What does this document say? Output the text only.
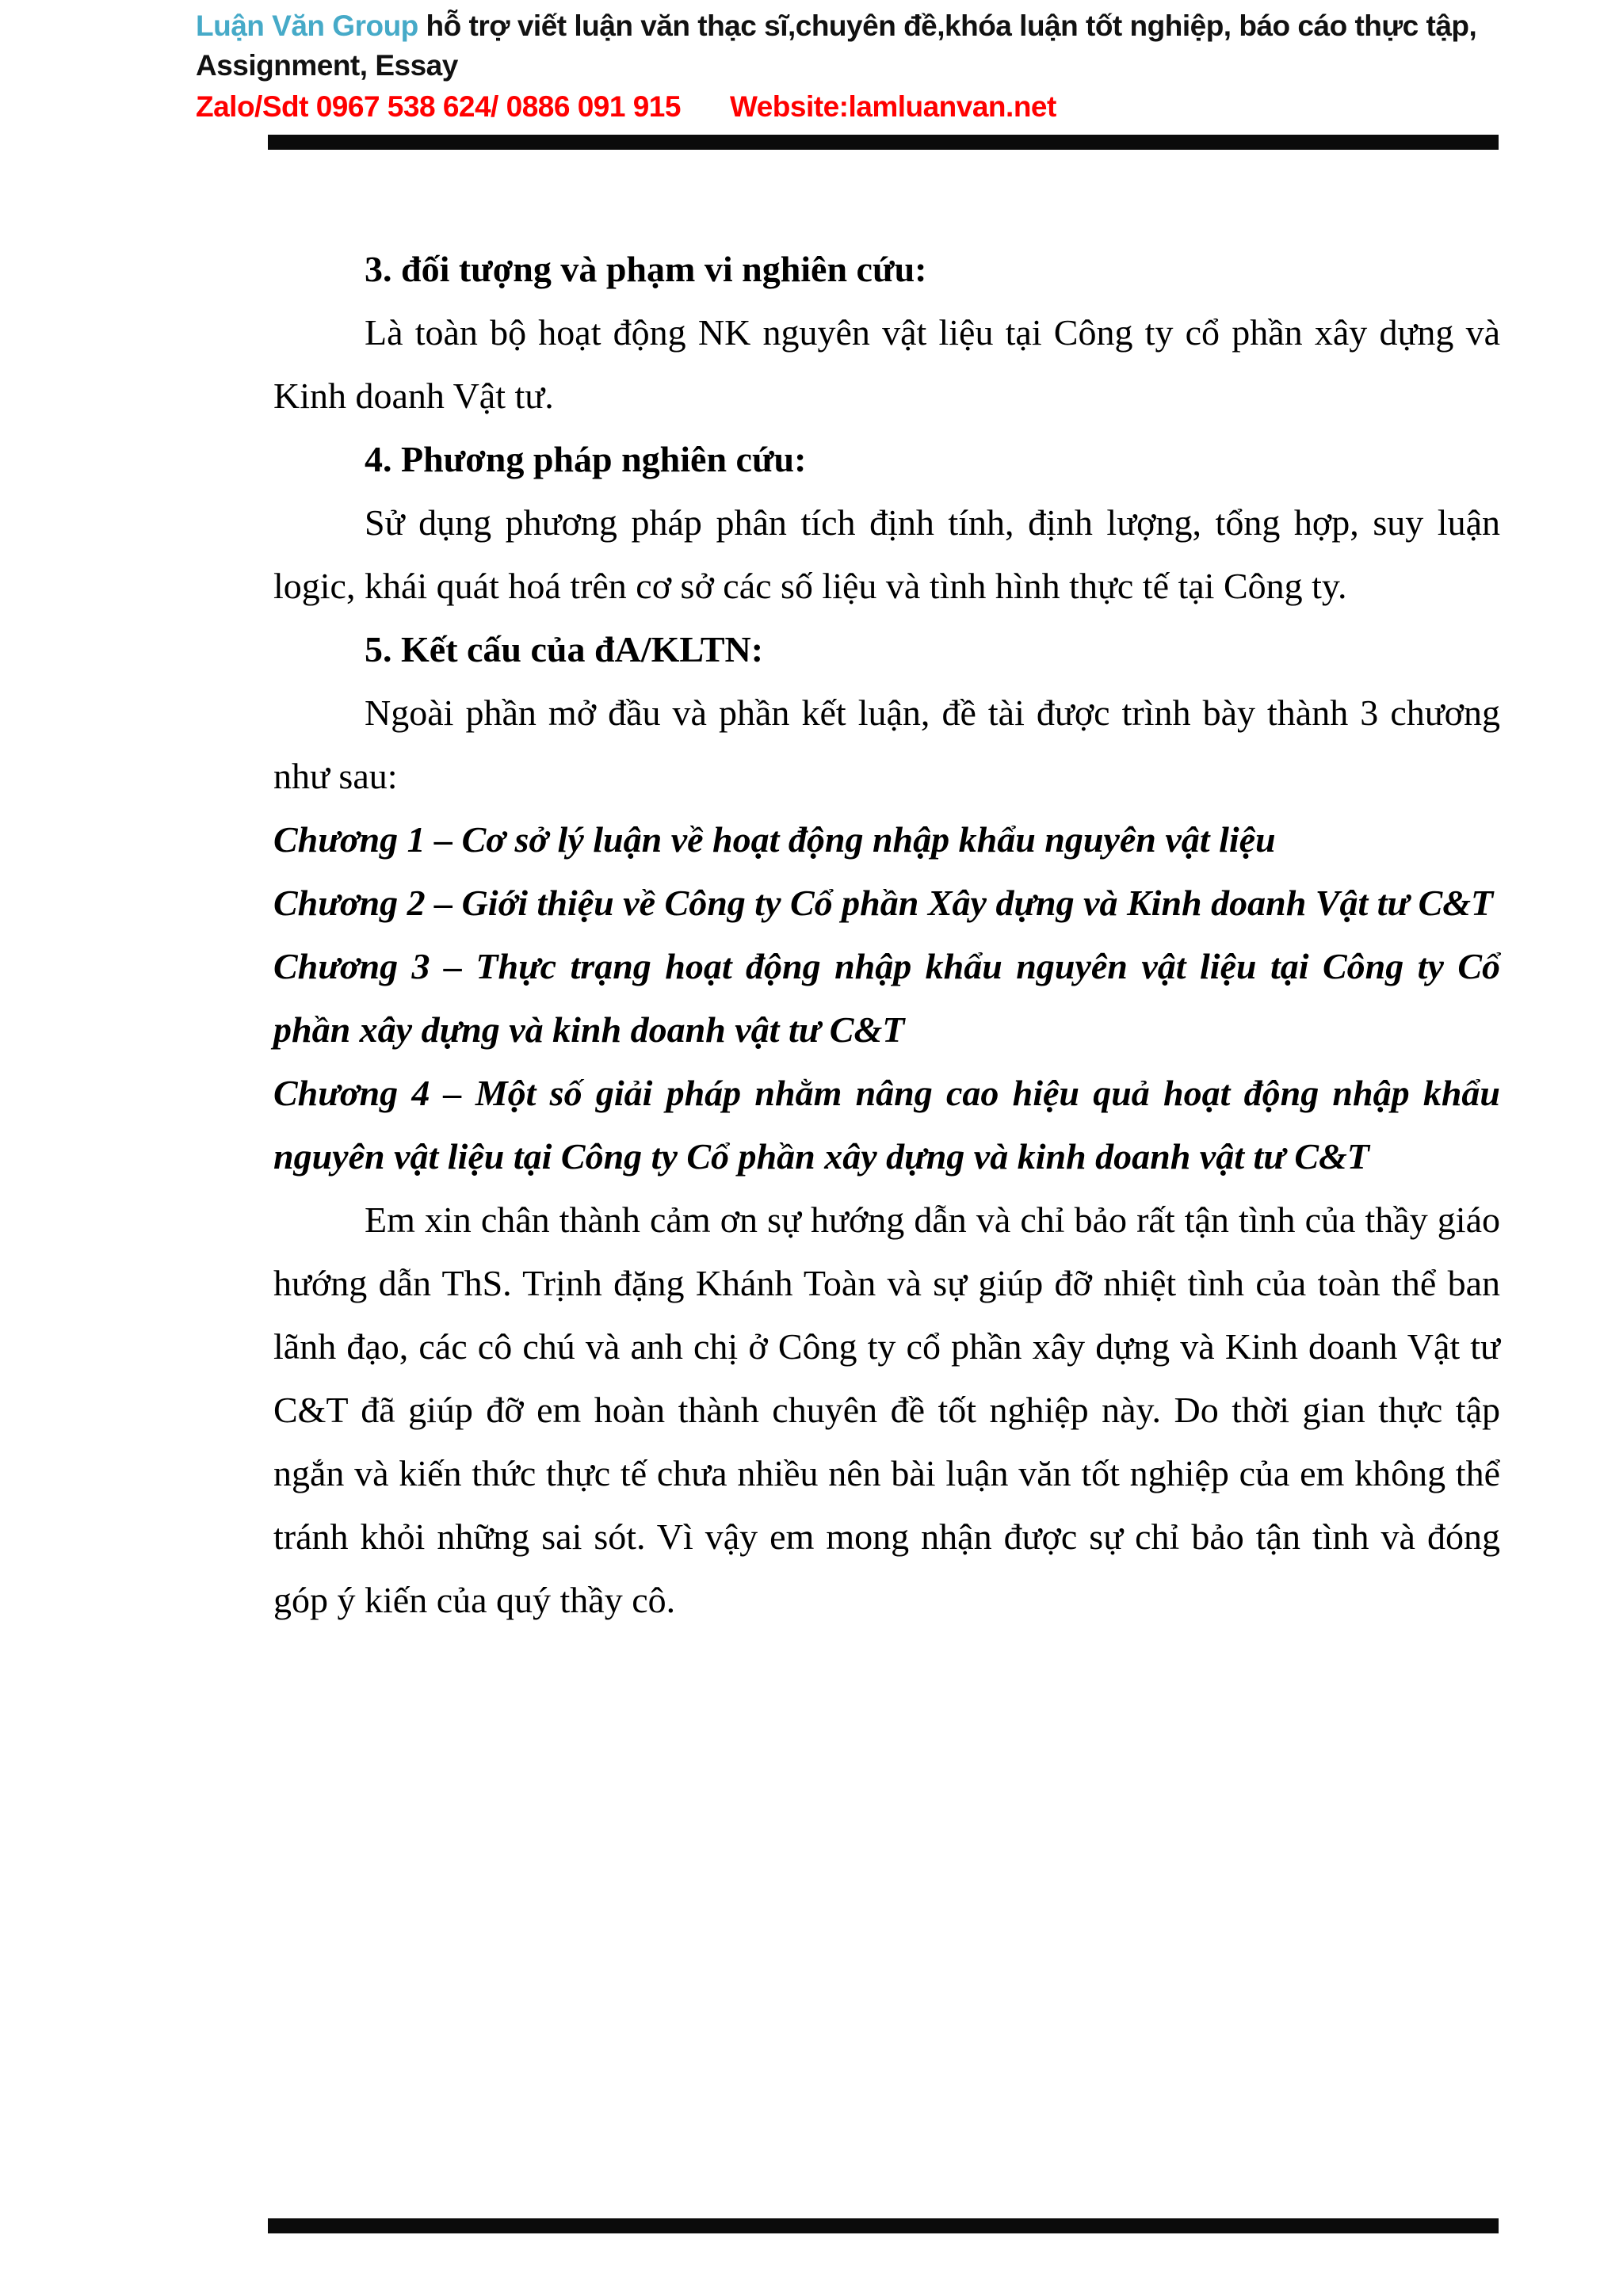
Luận Văn Group hỗ trợ viết luận văn thạc sĩ,chuyên đề,khóa luận tốt nghiệp, báo cáo thực tập, Assignment, Essay
Zalo/Sdt 0967 538 624/ 0886 091 915 Website:lamluanvan.net

3. đối tượng và phạm vi nghiên cứu:

Là toàn bộ hoạt động NK nguyên vật liệu tại Công ty cổ phần xây dựng và Kinh doanh Vật tư.

4. Phương pháp nghiên cứu:

Sử dụng phương pháp phân tích định tính, định lượng, tổng hợp, suy luận logic, khái quát hoá trên cơ sở các số liệu và tình hình thực tế tại Công ty.

5. Kết cấu của đA/KLTN:

Ngoài phần mở đầu và phần kết luận, đề tài được trình bày thành 3 chương như sau:

Chương 1 – Cơ sở lý luận về hoạt động nhập khẩu nguyên vật liệu

Chương 2 – Giới thiệu về Công ty Cổ phần Xây dựng và Kinh doanh Vật tư C&T

Chương 3 – Thực trạng hoạt động nhập khẩu nguyên vật liệu tại Công ty Cổ phần xây dựng và kinh doanh vật tư C&T

Chương 4 – Một số giải pháp nhằm nâng cao hiệu quả hoạt động nhập khẩu nguyên vật liệu tại Công ty Cổ phần xây dựng và kinh doanh vật tư C&T

Em xin chân thành cảm ơn sự hướng dẫn và chỉ bảo rất tận tình của thầy giáo hướng dẫn ThS. Trịnh đặng Khánh Toàn và sự giúp đỡ nhiệt tình của toàn thể ban lãnh đạo, các cô chú và anh chị ở Công ty cổ phần xây dựng và Kinh doanh Vật tư C&T đã giúp đỡ em hoàn thành chuyên đề tốt nghiệp này. Do thời gian thực tập ngắn và kiến thức thực tế chưa nhiều nên bài luận văn tốt nghiệp của em không thể tránh khỏi những sai sót. Vì vậy em mong nhận được sự chỉ bảo tận tình và đóng góp ý kiến của quý thầy cô.
